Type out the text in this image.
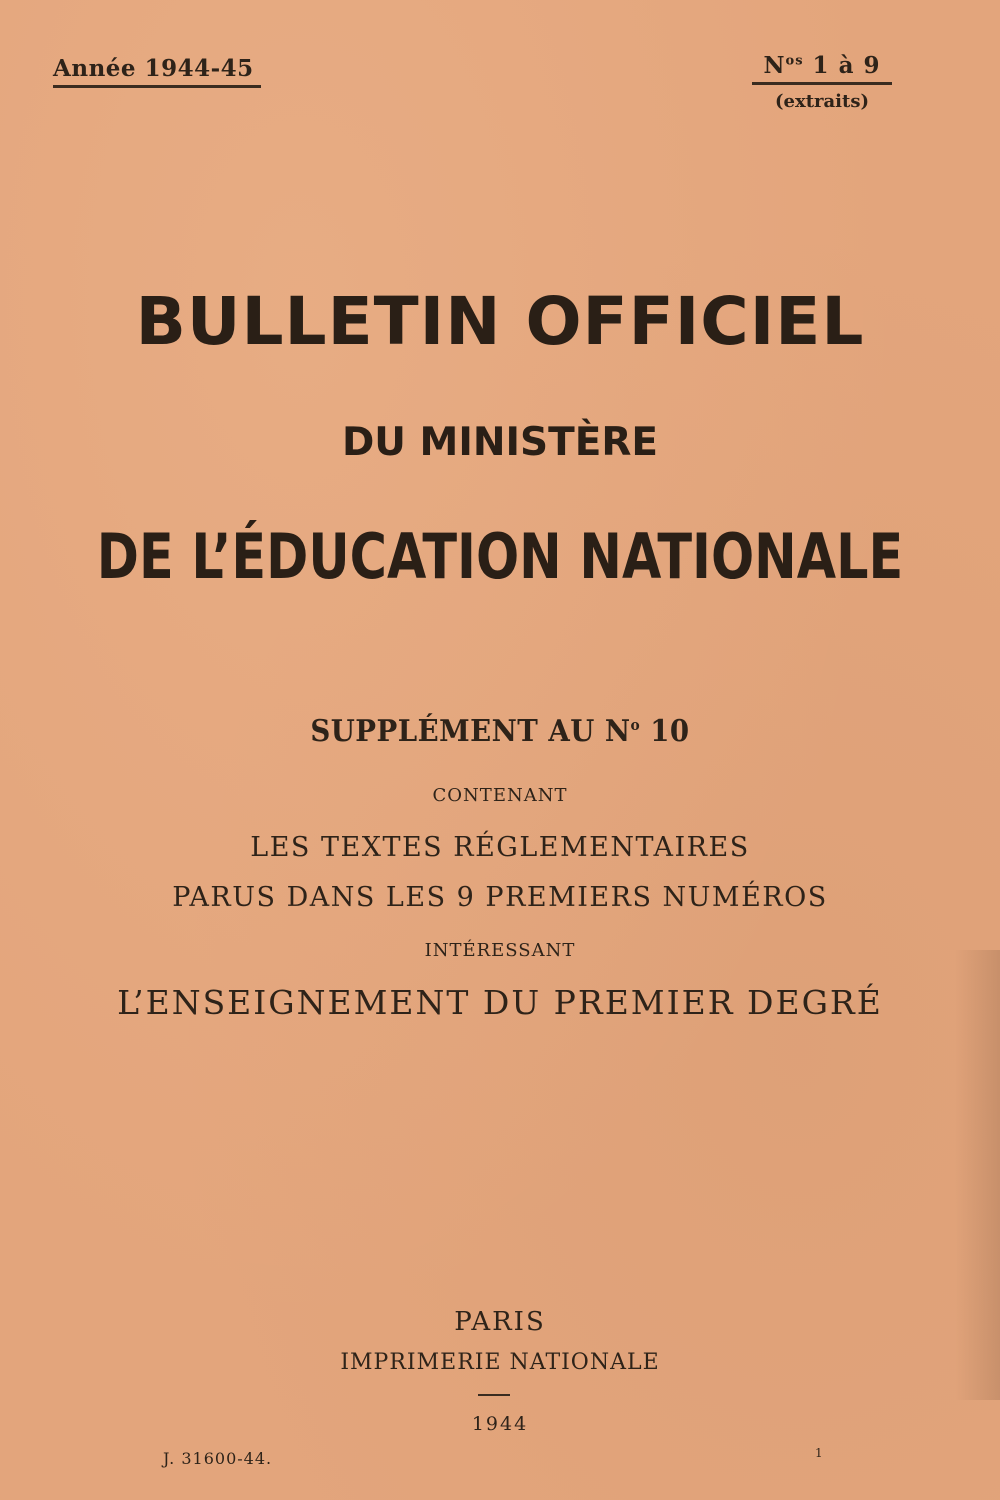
Année 1944-45	$N^{os}$ 1 à 9
(extraits)
BULLETIN OFFICIEL
DU MINISTÈRE
DE L’ÉDUCATION NATIONALE
SUPPLÉMENT AU $N^o$ 10
CONTENANT
LES TEXTES RÉGLEMENTAIRES
PARUS DANS LES 9 PREMIERS NUMÉROS
INTÉRESSANT
L’ENSEIGNEMENT DU PREMIER DEGRÉ
PARIS
IMPRIMERIE NATIONALE
1944
J. 31600-44.	1
